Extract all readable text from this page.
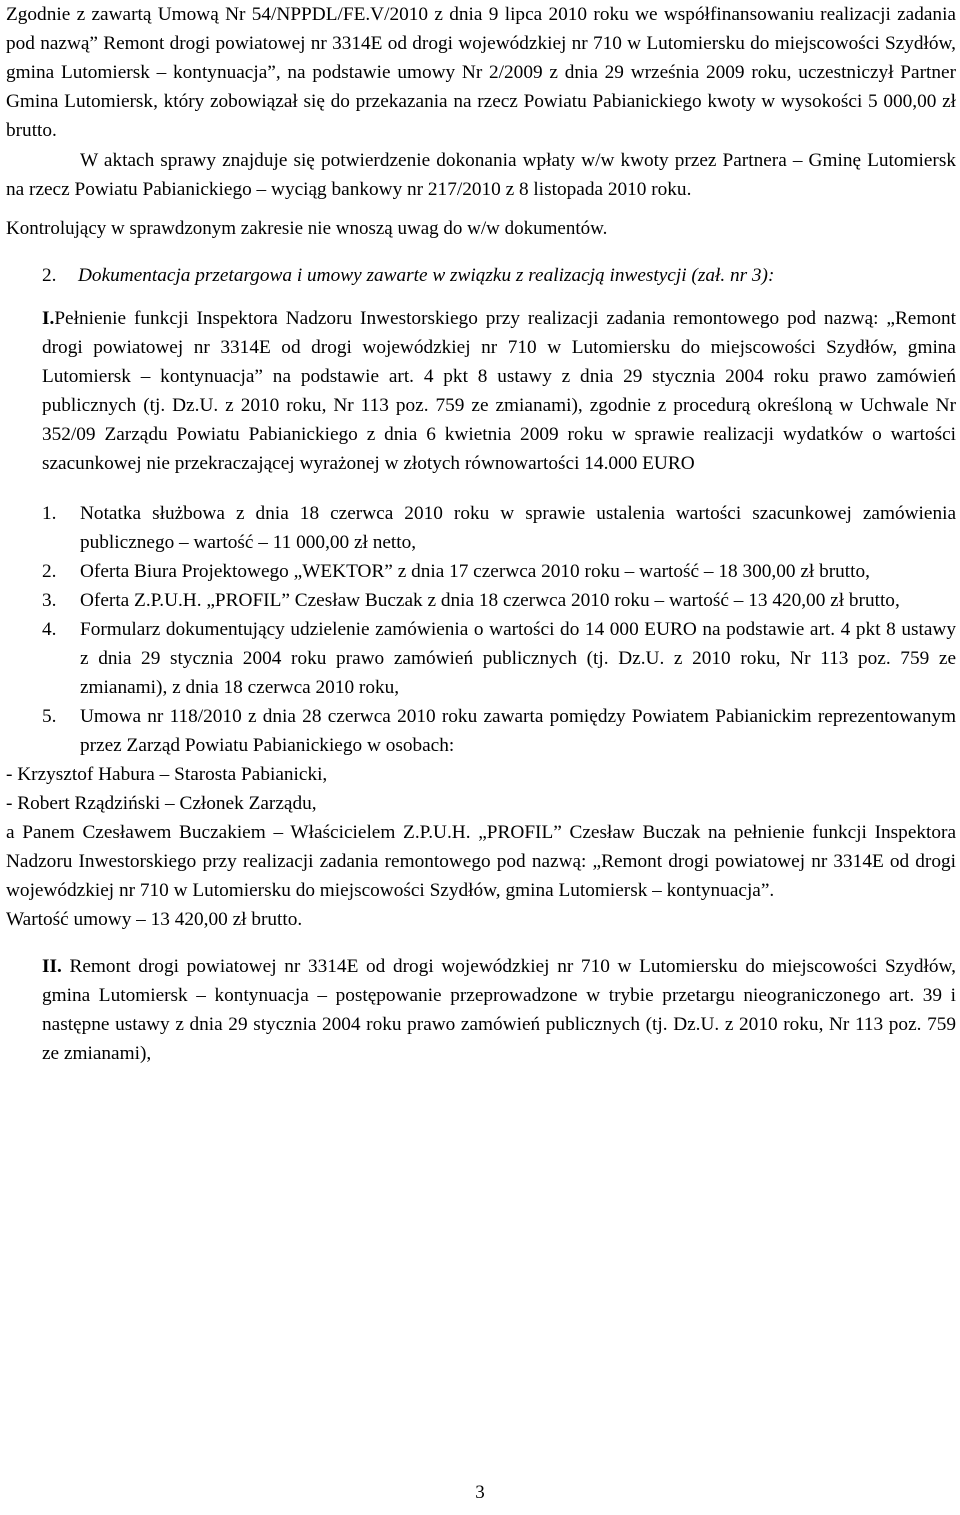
Zgodnie z zawartą Umową Nr 54/NPPDL/FE.V/2010 z dnia 9 lipca 2010 roku we współfinansowaniu realizacji zadania pod nazwą” Remont drogi powiatowej nr 3314E od drogi wojewódzkiej nr 710 w Lutomiersku do miejscowości Szydłów, gmina Lutomiersk – kontynuacja”, na podstawie umowy Nr 2/2009 z dnia 29 września 2009 roku, uczestniczył Partner Gmina Lutomiersk, który zobowiązał się do przekazania na rzecz Powiatu Pabianickiego kwoty w wysokości 5 000,00 zł brutto.

W aktach sprawy znajduje się potwierdzenie dokonania wpłaty w/w kwoty przez Partnera – Gminę Lutomiersk na rzecz Powiatu Pabianickiego – wyciąg bankowy nr 217/2010 z 8 listopada 2010 roku.

Kontrolujący w sprawdzonym zakresie nie wnoszą uwag do w/w dokumentów.

2.	Dokumentacja przetargowa i umowy zawarte w związku z realizacją inwestycji (zał. nr 3):
I.Pełnienie funkcji Inspektora Nadzoru Inwestorskiego przy realizacji zadania remontowego pod nazwą: „Remont drogi powiatowej nr 3314E od drogi wojewódzkiej nr 710 w Lutomiersku do miejscowości Szydłów, gmina Lutomiersk – kontynuacja” na podstawie art. 4 pkt 8 ustawy z dnia 29 stycznia 2004 roku prawo zamówień publicznych (tj. Dz.U. z 2010 roku, Nr 113 poz. 759 ze zmianami), zgodnie z procedurą określoną w Uchwale Nr 352/09 Zarządu Powiatu Pabianickiego z dnia 6 kwietnia 2009 roku w sprawie realizacji wydatków o wartości szacunkowej nie przekraczającej wyrażonej w złotych równowartości 14.000 EURO
1.	Notatka służbowa z dnia 18 czerwca 2010 roku w sprawie ustalenia wartości szacunkowej zamówienia publicznego – wartość – 11 000,00 zł netto,
2.	Oferta Biura Projektowego „WEKTOR” z dnia 17 czerwca 2010 roku – wartość – 18 300,00 zł brutto,
3.	Oferta Z.P.U.H. „PROFIL” Czesław Buczak z dnia 18 czerwca 2010 roku – wartość – 13 420,00 zł brutto,
4.	Formularz dokumentujący udzielenie zamówienia o wartości do 14 000 EURO na podstawie art. 4 pkt 8 ustawy z dnia 29 stycznia 2004 roku prawo zamówień publicznych (tj. Dz.U. z 2010 roku, Nr 113 poz. 759 ze zmianami), z dnia 18 czerwca 2010 roku,
5.	Umowa nr 118/2010 z dnia 28 czerwca 2010 roku zawarta pomiędzy Powiatem Pabianickim reprezentowanym przez Zarząd Powiatu Pabianickiego w osobach:
- Krzysztof Habura – Starosta Pabianicki,
- Robert Rządziński – Członek Zarządu,

a Panem Czesławem Buczakiem – Właścicielem Z.P.U.H. „PROFIL” Czesław Buczak na pełnienie funkcji Inspektora Nadzoru Inwestorskiego przy realizacji zadania remontowego pod nazwą: „Remont drogi powiatowej nr 3314E od drogi wojewódzkiej nr 710 w Lutomiersku do miejscowości Szydłów, gmina Lutomiersk – kontynuacja”.

Wartość umowy – 13 420,00 zł brutto.
II. Remont drogi powiatowej nr 3314E od drogi wojewódzkiej nr 710 w Lutomiersku do miejscowości Szydłów, gmina Lutomiersk – kontynuacja – postępowanie przeprowadzone w trybie przetargu nieograniczonego art. 39 i następne ustawy z dnia 29 stycznia 2004 roku prawo zamówień publicznych (tj. Dz.U. z 2010 roku, Nr 113 poz. 759 ze zmianami),
3
